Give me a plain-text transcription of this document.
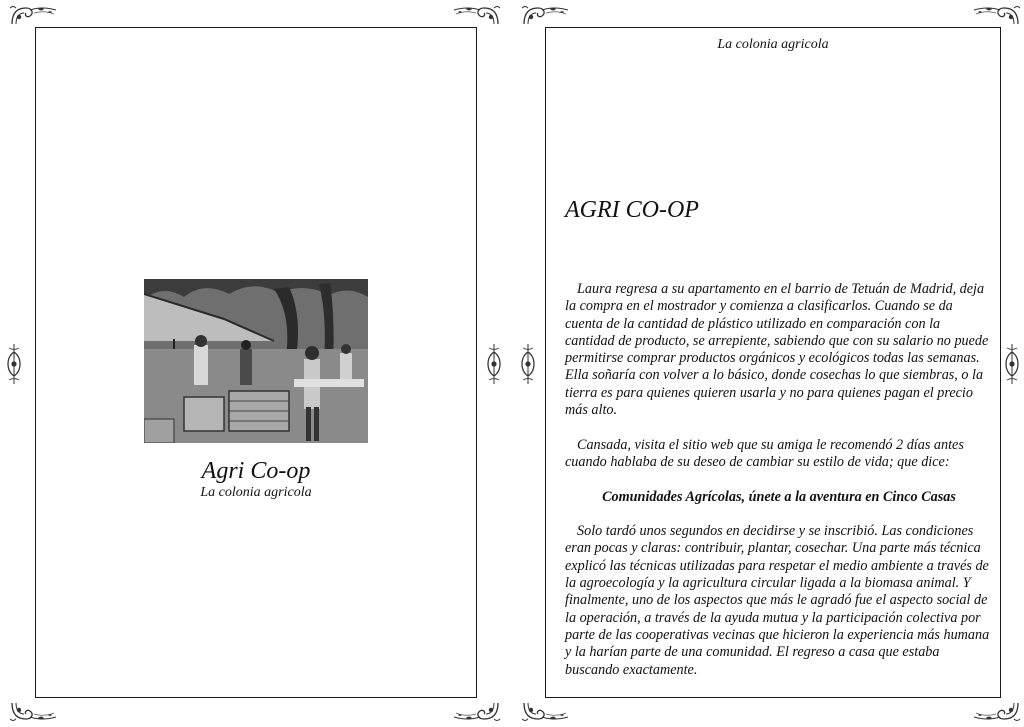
Agri Co-op
La colonia agricola
La colonia agricola
AGRI CO-OP

Laura regresa a su apartamento en el barrio de Tetuán de Madrid, deja la compra en el mostrador y comienza a clasificarlos. Cuando se da cuenta de la cantidad de plástico utilizado en comparación con la cantidad de producto, se arrepiente, sabiendo que con su salario no puede permitirse comprar productos orgánicos y ecológicos todas las semanas. Ella soñaría con volver a lo básico, donde cosechas lo que siembras, o la tierra es para quienes quieren usarla y no para quienes pagan el precio más alto.

Cansada, visita el sitio web que su amiga le recomendó 2 días antes cuando hablaba de su deseo de cambiar su estilo de vida; que dice:

Comunidades Agrícolas, únete a la aventura en Cinco Casas

Solo tardó unos segundos en decidirse y se inscribió. Las condiciones eran pocas y claras: contribuir, plantar, cosechar. Una parte más técnica explicó las técnicas utilizadas para respetar el medio ambiente a través de la agroecología y la agricultura circular ligada a la biomasa animal. Y finalmente, uno de los aspectos que más le agradó fue el aspecto social de la operación, a través de la ayuda mutua y la participación colectiva por parte de las cooperativas vecinas que hicieron la experiencia más humana y la harían parte de una comunidad. El regreso a casa que estaba buscando exactamente.
